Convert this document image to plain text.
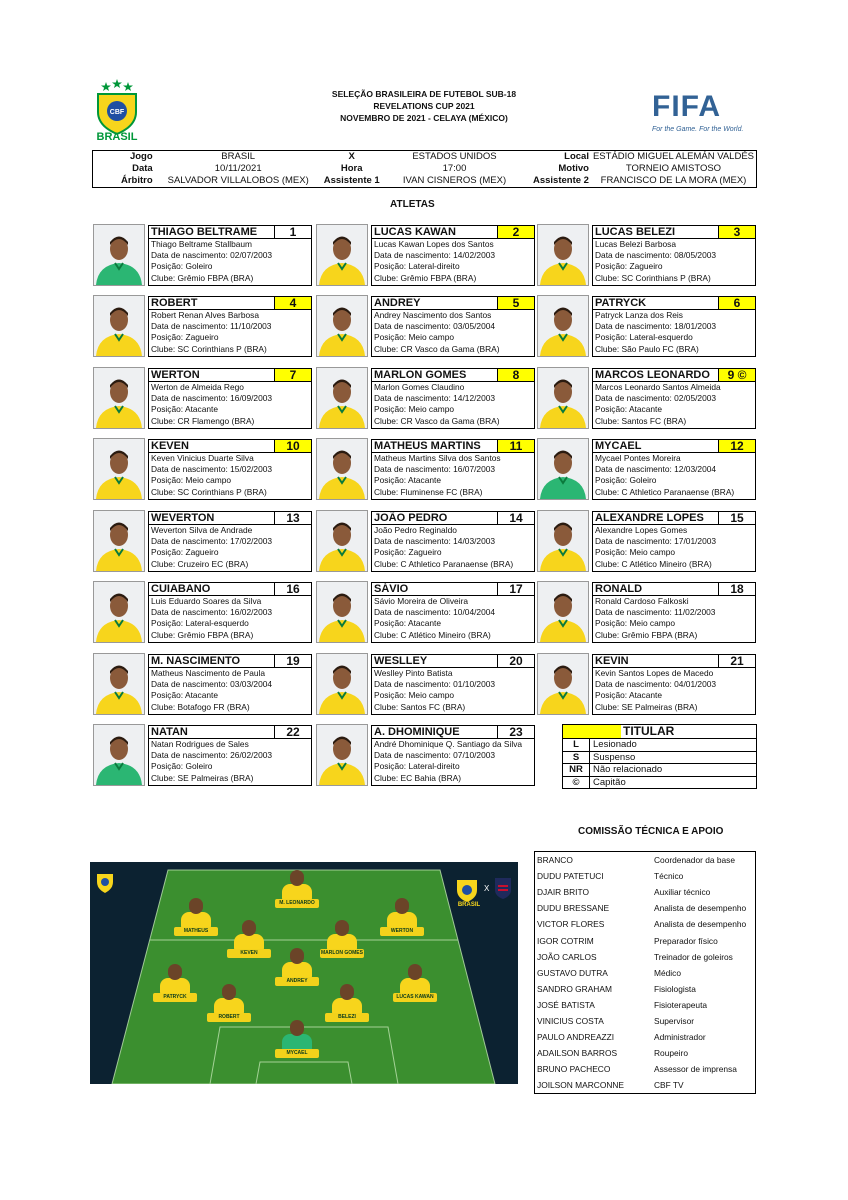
CBF
BRASIL
SELEÇÃO BRASILEIRA DE FUTEBOL SUB-18
REVELATIONS CUP 2021
NOVEMBRO DE 2021 - CELAYA (MÉXICO)	FIFA
For the Game. For the World.
Jogo	BRASIL	X	ESTADOS UNIDOS	Local	ESTÁDIO MIGUEL ALEMÁN VALDÉS
Data	10/11/2021	Hora	17:00	Motivo	TORNEIO AMISTOSO
Árbitro	SALVADOR VILLALOBOS (MEX)	Assistente 1	IVAN CISNEROS (MEX)	Assistente 2	FRANCISCO DE LA MORA (MEX)
ATLETAS
THIAGO BELTRAME	1
Thiago Beltrame Stallbaum
Data de nascimento: 02/07/2003
Posição: Goleiro
Clube: Grêmio FBPA (BRA)
LUCAS KAWAN	2
Lucas Kawan Lopes dos Santos
Data de nascimento: 14/02/2003
Posição: Lateral-direito
Clube: Grêmio FBPA (BRA)
LUCAS BELEZI	3
Lucas Belezi Barbosa
Data de nascimento: 08/05/2003
Posição: Zagueiro
Clube: SC Corinthians P (BRA)
ROBERT	4
Robert Renan Alves Barbosa
Data de nascimento: 11/10/2003
Posição: Zagueiro
Clube: SC Corinthians P (BRA)
ANDREY	5
Andrey Nascimento dos Santos
Data de nascimento: 03/05/2004
Posição: Meio campo
Clube: CR Vasco da Gama (BRA)
PATRYCK	6
Patryck Lanza dos Reis
Data de nascimento: 18/01/2003
Posição: Lateral-esquerdo
Clube: São Paulo FC (BRA)
WERTON	7
Werton de Almeida Rego
Data de nascimento: 16/09/2003
Posição: Atacante
Clube: CR Flamengo (BRA)
MARLON GOMES	8
Marlon Gomes Claudino
Data de nascimento: 14/12/2003
Posição: Meio campo
Clube: CR Vasco da Gama (BRA)
MARCOS LEONARDO	9 ©
Marcos Leonardo Santos Almeida
Data de nascimento: 02/05/2003
Posição: Atacante
Clube: Santos FC (BRA)
KEVEN	10
Keven Vinicius Duarte Silva
Data de nascimento: 15/02/2003
Posição: Meio campo
Clube: SC Corinthians P (BRA)
MATHEUS MARTINS	11
Matheus Martins Silva dos Santos
Data de nascimento: 16/07/2003
Posição: Atacante
Clube: Fluminense FC (BRA)
MYCAEL	12
Mycael Pontes Moreira
Data de nascimento: 12/03/2004
Posição: Goleiro
Clube: C Athletico Paranaense (BRA)
WEVERTON	13
Weverton Silva de Andrade
Data de nascimento: 17/02/2003
Posição: Zagueiro
Clube: Cruzeiro EC (BRA)
JOÃO PEDRO	14
João Pedro Reginaldo
Data de nascimento: 14/03/2003
Posição: Zagueiro
Clube: C Athletico Paranaense (BRA)
ALEXANDRE LOPES	15
Alexandre Lopes Gomes
Data de nascimento: 17/01/2003
Posição: Meio campo
Clube: C Atlético Mineiro (BRA)
CUIABANO	16
Luis Eduardo Soares da Silva
Data de nascimento: 16/02/2003
Posição: Lateral-esquerdo
Clube: Grêmio FBPA (BRA)
SÁVIO	17
Sávio Moreira de Oliveira
Data de nascimento: 10/04/2004
Posição: Atacante
Clube: C Atlético Mineiro (BRA)
RONALD	18
Ronald Cardoso Falkoski
Data de nascimento: 11/02/2003
Posição: Meio campo
Clube: Grêmio FBPA (BRA)
M. NASCIMENTO	19
Matheus Nascimento de Paula
Data de nascimento: 03/03/2004
Posição: Atacante
Clube: Botafogo FR (BRA)
WESLLEY	20
Weslley Pinto Batista
Data de nascimento: 01/10/2003
Posição: Meio campo
Clube: Santos FC (BRA)
KEVIN	21
Kevin Santos Lopes de Macedo
Data de nascimento: 04/01/2003
Posição: Atacante
Clube: SE Palmeiras (BRA)
NATAN	22
Natan Rodrigues de Sales
Data de nascimento: 26/02/2003
Posição: Goleiro
Clube: SE Palmeiras (BRA)
A. DHOMINIQUE	23
André Dhominique Q. Santiago da Silva
Data de nascimento: 07/10/2003
Posição: Lateral-direito
Clube: EC Bahia (BRA)
TITULAR
L	Lesionado
S	Suspenso
NR	Não relacionado
©	Capitão
COMISSÃO TÉCNICA E APOIO
BRANCO	Coordenador da base
DUDU PATETUCI	Técnico
DJAIR BRITO	Auxiliar técnico
DUDU BRESSANE	Analista de desempenho
VICTOR FLORES	Analista de desempenho
IGOR COTRIM	Preparador físico
JOÃO CARLOS	Treinador de goleiros
GUSTAVO DUTRA	Médico
SANDRO GRAHAM	Fisiologista
JOSÉ BATISTA	Fisioterapeuta
VINICIUS COSTA	Supervisor
PAULO ANDREAZZI	Administrador
ADAILSON BARROS	Roupeiro
BRUNO PACHECO	Assessor de imprensa
JOILSON MARCONNE	CBF TV
BRASIL
X
M. LEONARDO
MATHEUS	WERTON
KEVEN	MARLON GOMES
PATRYCK
ANDREY
LUCAS KAWAN
ROBERT	BELEZI
MYCAEL
